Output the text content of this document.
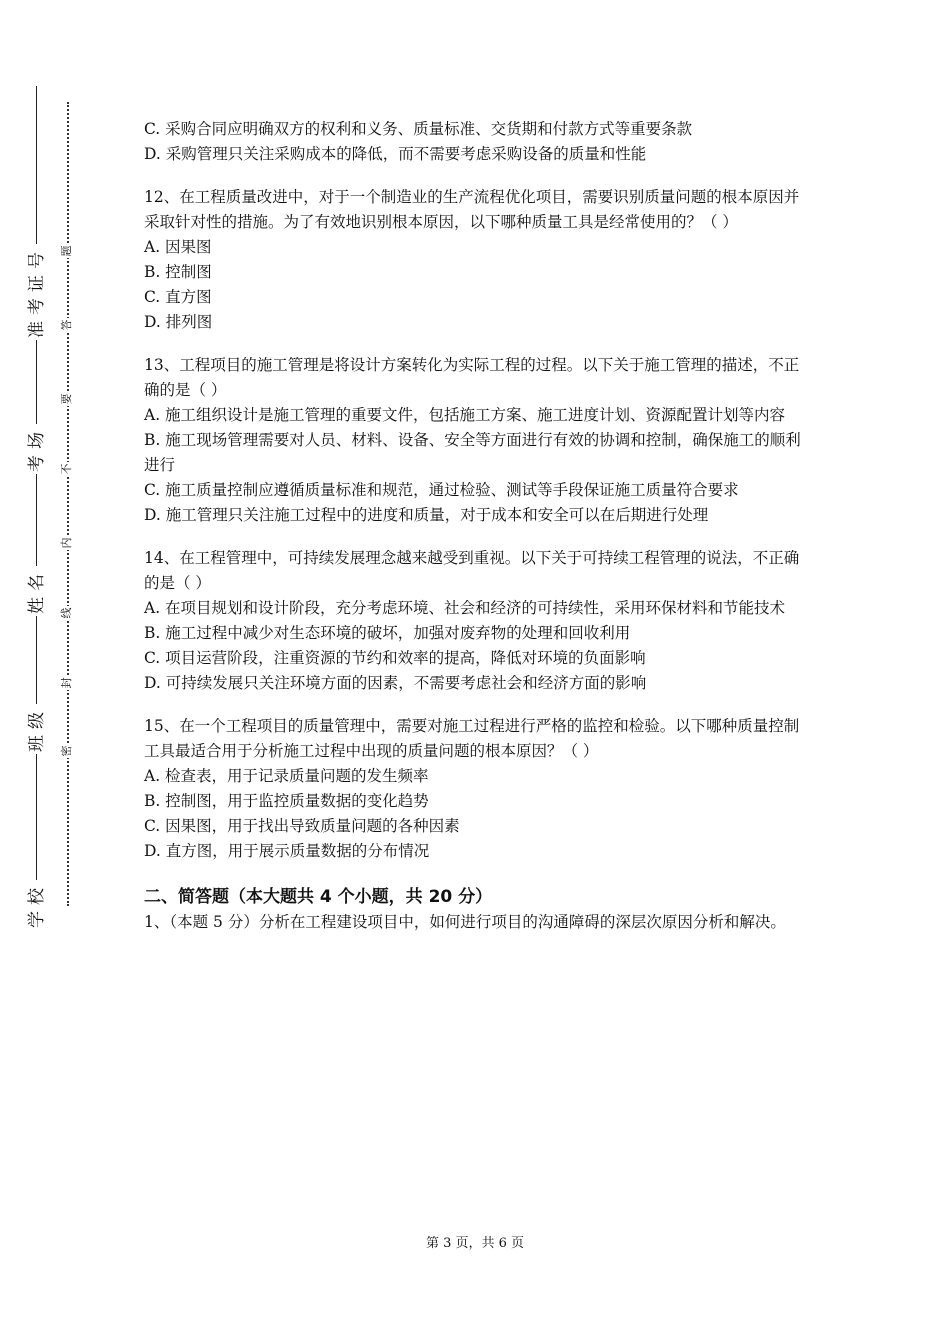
准考证号
考场
姓名
班级
学校
题
答
要
不
内
线
封
密

C. 采购合同应明确双方的权利和义务、质量标准、交货期和付款方式等重要条款

D. 采购管理只关注采购成本的降低，而不需要考虑采购设备的质量和性能

12、在工程质量改进中，对于一个制造业的生产流程优化项目，需要识别质量问题的根本原因并采取针对性的措施。为了有效地识别根本原因，以下哪种质量工具是经常使用的？（ ）

A. 因果图

B. 控制图

C. 直方图

D. 排列图

13、工程项目的施工管理是将设计方案转化为实际工程的过程。以下关于施工管理的描述，不正确的是（ ）

A. 施工组织设计是施工管理的重要文件，包括施工方案、施工进度计划、资源配置计划等内容

B. 施工现场管理需要对人员、材料、设备、安全等方面进行有效的协调和控制，确保施工的顺利进行

C. 施工质量控制应遵循质量标准和规范，通过检验、测试等手段保证施工质量符合要求

D. 施工管理只关注施工过程中的进度和质量，对于成本和安全可以在后期进行处理

14、在工程管理中，可持续发展理念越来越受到重视。以下关于可持续工程管理的说法，不正确的是（ ）

A. 在项目规划和设计阶段，充分考虑环境、社会和经济的可持续性，采用环保材料和节能技术

B. 施工过程中减少对生态环境的破坏，加强对废弃物的处理和回收利用

C. 项目运营阶段，注重资源的节约和效率的提高，降低对环境的负面影响

D. 可持续发展只关注环境方面的因素，不需要考虑社会和经济方面的影响

15、在一个工程项目的质量管理中，需要对施工过程进行严格的监控和检验。以下哪种质量控制工具最适合用于分析施工过程中出现的质量问题的根本原因？（ ）

A. 检查表，用于记录质量问题的发生频率

B. 控制图，用于监控质量数据的变化趋势

C. 因果图，用于找出导致质量问题的各种因素

D. 直方图，用于展示质量数据的分布情况

二、简答题（本大题共 4 个小题，共 20 分）

1、（本题 5 分）分析在工程建设项目中，如何进行项目的沟通障碍的深层次原因分析和解决。

第 3 页，共 6 页
